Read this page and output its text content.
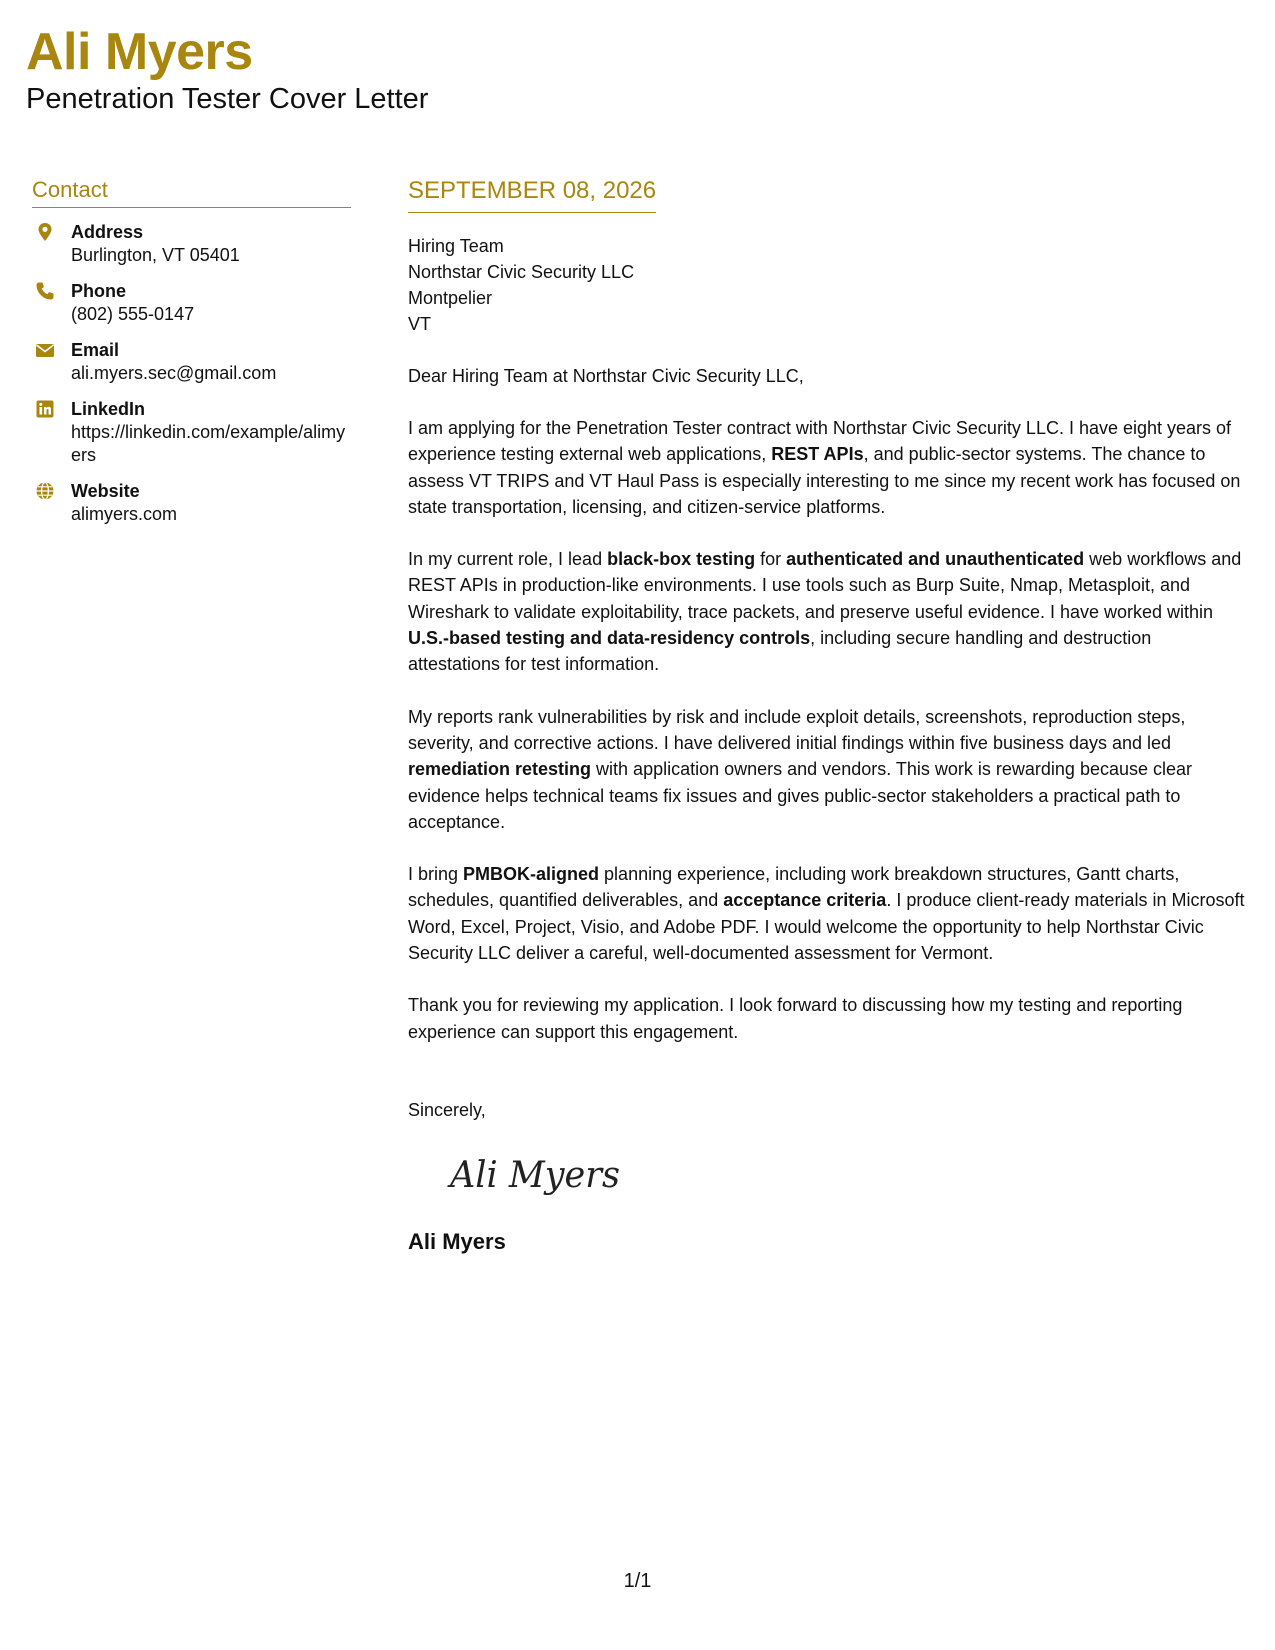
Ali Myers
Penetration Tester Cover Letter
Contact
Address
Burlington, VT 05401
Phone
(802) 555-0147
Email
ali.myers.sec@gmail.com
LinkedIn
https://linkedin.com/example/alimyers
Website
alimyers.com
SEPTEMBER 08, 2026
Hiring Team
Northstar Civic Security LLC
Montpelier
VT
Dear Hiring Team at Northstar Civic Security LLC,
I am applying for the Penetration Tester contract with Northstar Civic Security LLC. I have eight years of experience testing external web applications, REST APIs, and public-sector systems. The chance to assess VT TRIPS and VT Haul Pass is especially interesting to me since my recent work has focused on state transportation, licensing, and citizen-service platforms.
In my current role, I lead black-box testing for authenticated and unauthenticated web workflows and REST APIs in production-like environments. I use tools such as Burp Suite, Nmap, Metasploit, and Wireshark to validate exploitability, trace packets, and preserve useful evidence. I have worked within U.S.-based testing and data-residency controls, including secure handling and destruction attestations for test information.
My reports rank vulnerabilities by risk and include exploit details, screenshots, reproduction steps, severity, and corrective actions. I have delivered initial findings within five business days and led remediation retesting with application owners and vendors. This work is rewarding because clear evidence helps technical teams fix issues and gives public-sector stakeholders a practical path to acceptance.
I bring PMBOK-aligned planning experience, including work breakdown structures, Gantt charts, schedules, quantified deliverables, and acceptance criteria. I produce client-ready materials in Microsoft Word, Excel, Project, Visio, and Adobe PDF. I would welcome the opportunity to help Northstar Civic Security LLC deliver a careful, well-documented assessment for Vermont.
Thank you for reviewing my application. I look forward to discussing how my testing and reporting experience can support this engagement.
Sincerely,
Ali Myers
Ali Myers
1/1
